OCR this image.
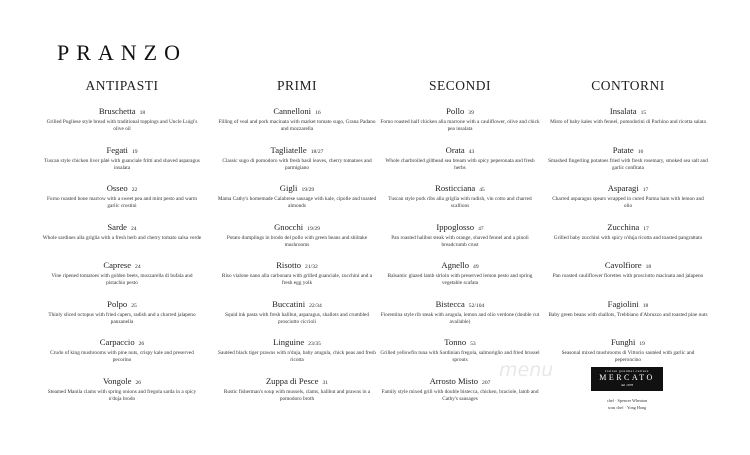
PRANZO
ANTIPASTI
Bruschetta 18
Grilled Pugliese style bread with traditional toppings and Uncle Luigi's olive oil
Fegati 19
Tuscan style chicken liver pâté with guanciale frittí and shaved asparagus insalata
Osseo 22
Forno roasted bone marrow with a sweet pea and mint pesto and warm garlic crostini
Sarde 24
Whole sardines alla griglia with a fresh herb and cherry tomato salsa verde
Caprese 24
Vine ripened tomatoes with golden beets, mozzarella di bufala and pistachio pesto
Polpo 25
Thinly sliced octopus with fried capers, radish and a charred jalapeno panzanella
Carpaccio 26
Crudo of king mushrooms with pine nuts, crispy kale and preserved pecorino
Vongole 26
Steamed Manila clams with spring onions and fregola sarda in a spicy n'duja brodo
PRIMI
Cannelloni 16
Filling of veal and pork macinata with market tomato sugo, Grana Padano and mozzarella
Tagliatelle 18/27
Classic sugo di pomodoro with fresh basil leaves, cherry tomatoes and parmigiano
Gigli 19/29
Mama Cathy's homemade Calabrese sausage with kale, cipolle and toasted almonds
Gnocchi 19/29
Potato dumplings in brodo del pollo with green beans and shiitake mushrooms
Risotto 21/32
Riso vialone nano alla carbonara with grilled guanciale, zucchini and a fresh egg yolk
Buccatini 22/34
Squid ink pasta with fresh halibut, asparagus, shallots and crumbled prosciutto ciccioli
Linguine 23/35
Sautéed black tiger prawns with n'duja, baby arugula, chick peas and fresh ricotta
Zuppa di Pesce 31
Rustic fisherman's soup with mussels, clams, halibut and prawns in a pomodoro broth
SECONDI
Pollo 39
Forno roasted half chicken alla marrone with a cauliflower, olive and chick pea insalata
Orata 43
Whole charbroiled gilthead sea bream with spicy peperonata and fresh herbs
Rosticciana 45
Tuscan style pork ribs alla griglia with radish, vin cotto and charred scallions
Ippoglosso 47
Pan roasted halibut steak with orange, shaved fennel and a pinoli breadcrumb crust
Agnello 49
Balsamic glazed lamb sirloin with preserved lemon pesto and spring vegetable scafata
Bistecca 52/104
Fiorentina style rib steak with arugula, lemon and olio verdone (double cut available)
Tonno 53
Grilled yellowfin tuna with Sardinian fregola, salmoriglio and fried brussel sprouts
Arrosto Misto 207
Family style mixed grill with double bistecca, chicken, braciole, lamb and Cathy's sausages
CONTORNI
Insalata 15
Misto of baby kales with fennel, pomodorini di Pachino and ricotta salata
Patate 16
Smashed fingerling potatoes fried with fresh rosemary, smoked sea salt and garlic confitata
Asparagi 17
Charred asparagus spears wrapped in cured Parma ham with lemon and olio
Zucchina 17
Grilled baby zucchini with spicy n'duja ricotta and toasted pangrattato
Cavolfiore 18
Pan roasted cauliflower florettes with prosciutto macinata and jalapeno
Fagiolini 18
Baby green beans with shallots, Trebbiano d'Abruzzo and toasted pine nuts
Funghi 19
Seasonal mixed mushrooms di Vittorio sautéed with garlic and peperoncino
menu	Italian gourmet culture
MERCATO
dal 1978
chef · Spencer Wheaton
sous chef · Yong Hong
